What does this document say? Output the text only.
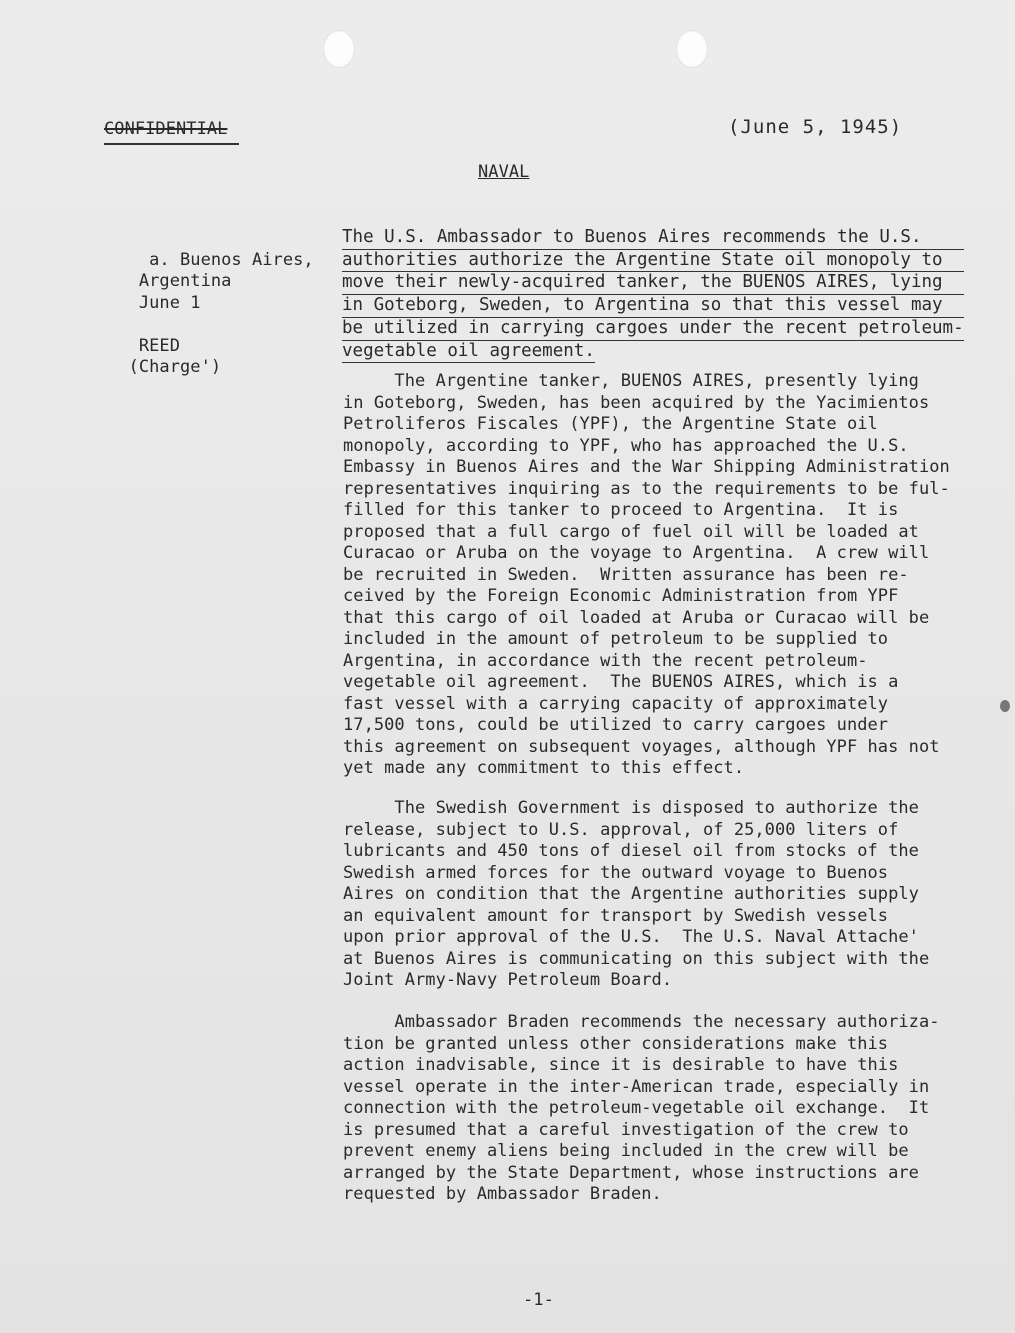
CONFIDENTIAL	(June 5, 1945)
NAVAL

a. Buenos Aires,
Argentina
June 1

REED
(Charge')

The U.S. Ambassador to Buenos Aires recommends the U.S.
authorities authorize the Argentine State oil monopoly to
move their newly-acquired tanker, the BUENOS AIRES, lying
in Goteborg, Sweden, to Argentina so that this vessel may
be utilized in carrying cargoes under the recent petroleum-
vegetable oil agreement.
The Argentine tanker, BUENOS AIRES, presently lying
in Goteborg, Sweden, has been acquired by the Yacimientos
Petroliferos Fiscales (YPF), the Argentine State oil
monopoly, according to YPF, who has approached the U.S.
Embassy in Buenos Aires and the War Shipping Administration
representatives inquiring as to the requirements to be ful-
filled for this tanker to proceed to Argentina.  It is
proposed that a full cargo of fuel oil will be loaded at
Curacao or Aruba on the voyage to Argentina.  A crew will
be recruited in Sweden.  Written assurance has been re-
ceived by the Foreign Economic Administration from YPF
that this cargo of oil loaded at Aruba or Curacao will be
included in the amount of petroleum to be supplied to
Argentina, in accordance with the recent petroleum-
vegetable oil agreement.  The BUENOS AIRES, which is a
fast vessel with a carrying capacity of approximately
17,500 tons, could be utilized to carry cargoes under
this agreement on subsequent voyages, although YPF has not
yet made any commitment to this effect.
The Swedish Government is disposed to authorize the
release, subject to U.S. approval, of 25,000 liters of
lubricants and 450 tons of diesel oil from stocks of the
Swedish armed forces for the outward voyage to Buenos
Aires on condition that the Argentine authorities supply
an equivalent amount for transport by Swedish vessels
upon prior approval of the U.S.  The U.S. Naval Attache'
at Buenos Aires is communicating on this subject with the
Joint Army-Navy Petroleum Board.
Ambassador Braden recommends the necessary authoriza-
tion be granted unless other considerations make this
action inadvisable, since it is desirable to have this
vessel operate in the inter-American trade, especially in
connection with the petroleum-vegetable oil exchange.  It
is presumed that a careful investigation of the crew to
prevent enemy aliens being included in the crew will be
arranged by the State Department, whose instructions are
requested by Ambassador Braden.
-1-
